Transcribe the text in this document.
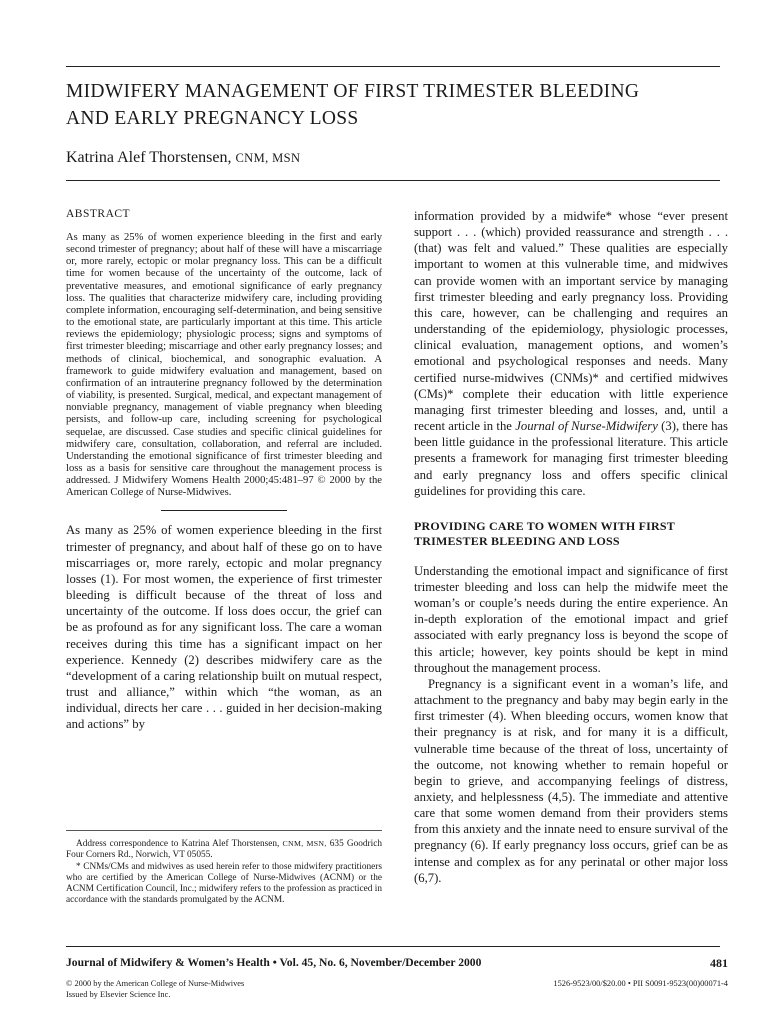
MIDWIFERY MANAGEMENT OF FIRST TRIMESTER BLEEDING
AND EARLY PREGNANCY LOSS

Katrina Alef Thorstensen, CNM, MSN

ABSTRACT

As many as 25% of women experience bleeding in the first and early second trimester of pregnancy; about half of these will have a miscarriage or, more rarely, ectopic or molar pregnancy loss. This can be a difficult time for women because of the uncertainty of the outcome, lack of preventative measures, and emotional significance of early pregnancy loss. The qualities that characterize midwifery care, including providing complete information, encouraging self-determination, and being sensitive to the emotional state, are particularly important at this time. This article reviews the epidemiology; physiologic process; signs and symptoms of first trimester bleeding; miscarriage and other early pregnancy losses; and methods of clinical, biochemical, and sonographic evaluation. A framework to guide midwifery evaluation and management, based on confirmation of an intrauterine pregnancy followed by the determination of viability, is presented. Surgical, medical, and expectant management of nonviable pregnancy, management of viable pregnancy when bleeding persists, and follow-up care, including screening for psychological sequelae, are discussed. Case studies and specific clinical guidelines for midwifery care, consultation, collaboration, and referral are included. Understanding the emotional significance of first trimester bleeding and loss as a basis for sensitive care throughout the management process is addressed. J Midwifery Womens Health 2000;45:481–97 © 2000 by the American College of Nurse-Midwives.

As many as 25% of women experience bleeding in the first trimester of pregnancy, and about half of these go on to have miscarriages or, more rarely, ectopic and molar pregnancy losses (1). For most women, the experience of first trimester bleeding is difficult because of the threat of loss and uncertainty of the outcome. If loss does occur, the grief can be as profound as for any significant loss. The care a woman receives during this time has a significant impact on her experience. Kennedy (2) describes midwifery care as the “development of a caring relationship built on mutual respect, trust and alliance,” within which “the woman, as an individual, directs her care . . . guided in her decision-making and actions” by

Address correspondence to Katrina Alef Thorstensen, CNM, MSN, 635 Goodrich Four Corners Rd., Norwich, VT 05055.

* CNMs/CMs and midwives as used herein refer to those midwifery practitioners who are certified by the American College of Nurse-Midwives (ACNM) or the ACNM Certification Council, Inc.; midwifery refers to the profession as practiced in accordance with the standards promulgated by the ACNM.

information provided by a midwife* whose “ever present support . . . (which) provided reassurance and strength . . . (that) was felt and valued.” These qualities are especially important to women at this vulnerable time, and midwives can provide women with an important service by managing first trimester bleeding and early pregnancy loss. Providing this care, however, can be challenging and requires an understanding of the epidemiology, physiologic processes, clinical evaluation, management options, and women’s emotional and psychological responses and needs. Many certified nurse-midwives (CNMs)* and certified midwives (CMs)* complete their education with little experience managing first trimester bleeding and losses, and, until a recent article in the Journal of Nurse-Midwifery (3), there has been little guidance in the professional literature. This article presents a framework for managing first trimester bleeding and early pregnancy loss and offers specific clinical guidelines for providing this care.

PROVIDING CARE TO WOMEN WITH FIRST TRIMESTER BLEEDING AND LOSS

Understanding the emotional impact and significance of first trimester bleeding and loss can help the midwife meet the woman’s or couple’s needs during the entire experience. An in-depth exploration of the emotional impact and grief associated with early pregnancy loss is beyond the scope of this article; however, key points should be kept in mind throughout the management process.

Pregnancy is a significant event in a woman’s life, and attachment to the pregnancy and baby may begin early in the first trimester (4). When bleeding occurs, women know that their pregnancy is at risk, and for many it is a difficult, vulnerable time because of the threat of loss, uncertainty of the outcome, not knowing whether to remain hopeful or begin to grieve, and accompanying feelings of distress, anxiety, and helplessness (4,5). The immediate and attentive care that some women demand from their providers stems from this anxiety and the innate need to ensure survival of the pregnancy (6). If early pregnancy loss occurs, grief can be as intense and complex as for any perinatal or other major loss (6,7).

Journal of Midwifery & Women’s Health • Vol. 45, No. 6, November/December 2000	481
© 2000 by the American College of Nurse-Midwives
Issued by Elsevier Science Inc.
1526-9523/00/$20.00 • PII S0091-9523(00)00071-4
